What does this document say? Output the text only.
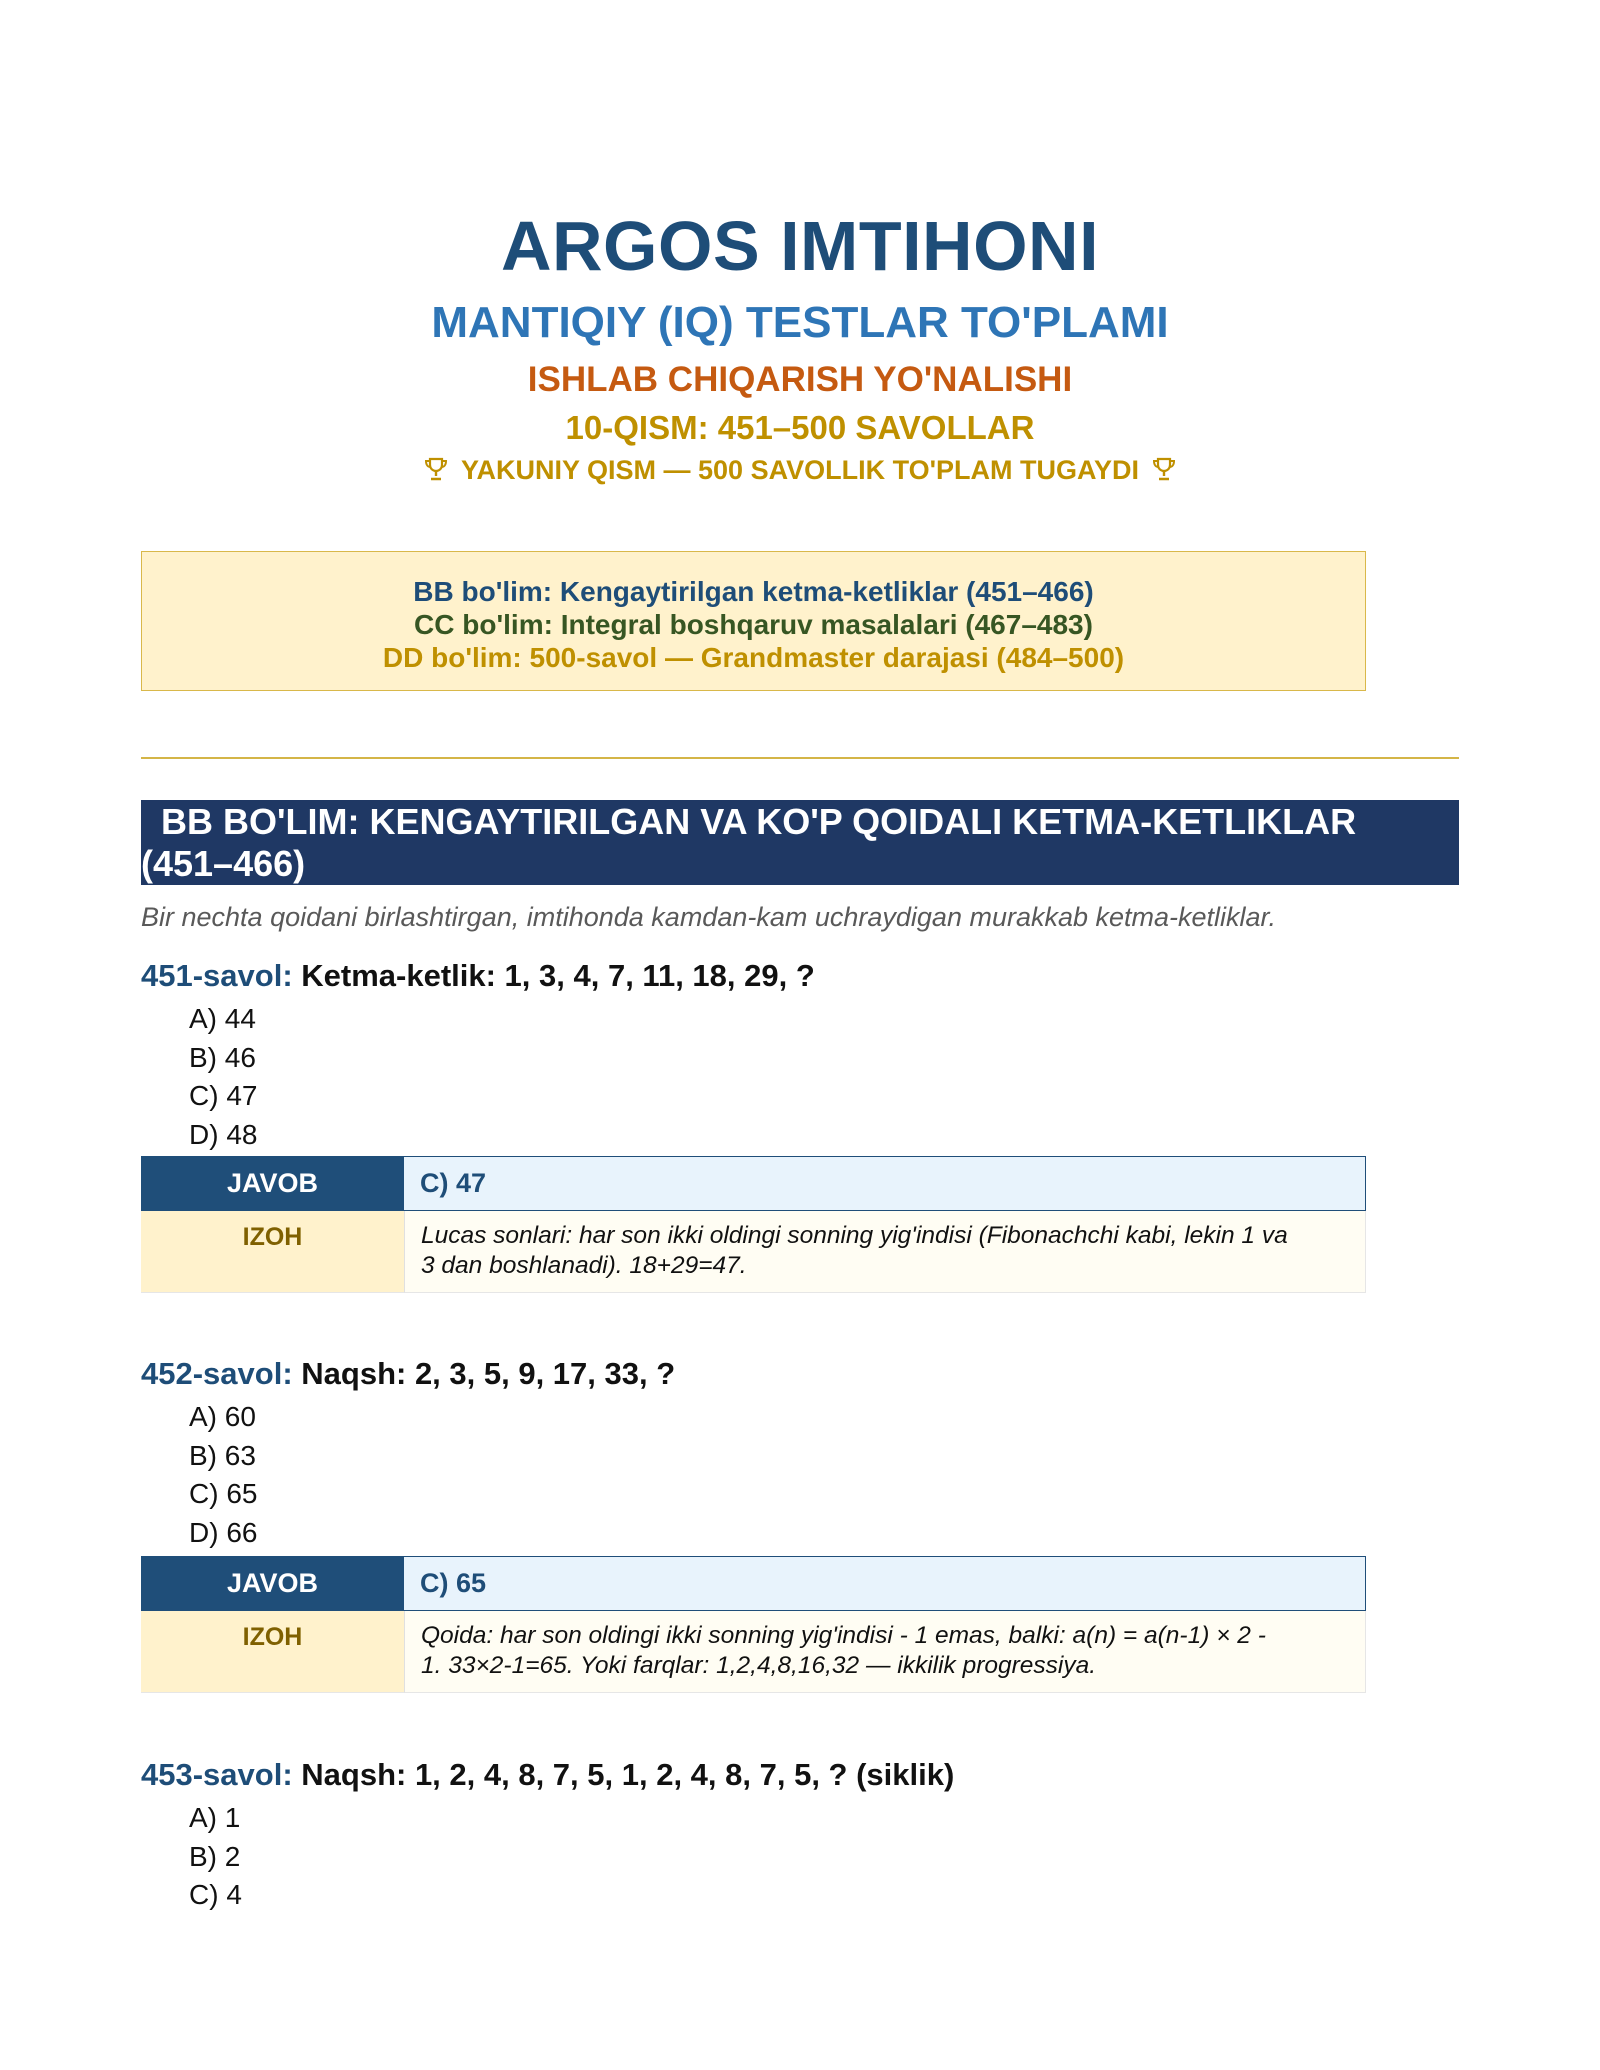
ARGOS IMTIHONI
MANTIQIY (IQ) TESTLAR TO'PLAMI
ISHLAB CHIQARISH YO'NALISHI
10-QISM: 451–500 SAVOLLAR
YAKUNIY QISM — 500 SAVOLLIK TO'PLAM TUGAYDI
BB bo'lim: Kengaytirilgan ketma-ketliklar (451–466)
CC bo'lim: Integral boshqaruv masalalari (467–483)
DD bo'lim: 500-savol — Grandmaster darajasi (484–500)
BB BO'LIM: KENGAYTIRILGAN VA KO'P QOIDALI KETMA-KETLIKLAR
(451–466)
Bir nechta qoidani birlashtirgan, imtihonda kamdan-kam uchraydigan murakkab ketma-ketliklar.
451-savol: Ketma-ketlik: 1, 3, 4, 7, 11, 18, 29, ?
A) 44
B) 46
C) 47
D) 48
JAVOB	C) 47
IZOH	Lucas sonlari: har son ikki oldingi sonning yig'indisi (Fibonachchi kabi, lekin 1 va
3 dan boshlanadi). 18+29=47.
452-savol: Naqsh: 2, 3, 5, 9, 17, 33, ?
A) 60
B) 63
C) 65
D) 66
JAVOB	C) 65
IZOH	Qoida: har son oldingi ikki sonning yig'indisi - 1 emas, balki: a(n) = a(n-1) × 2 -
1. 33×2-1=65. Yoki farqlar: 1,2,4,8,16,32 — ikkilik progressiya.
453-savol: Naqsh: 1, 2, 4, 8, 7, 5, 1, 2, 4, 8, 7, 5, ? (siklik)
A) 1
B) 2
C) 4
